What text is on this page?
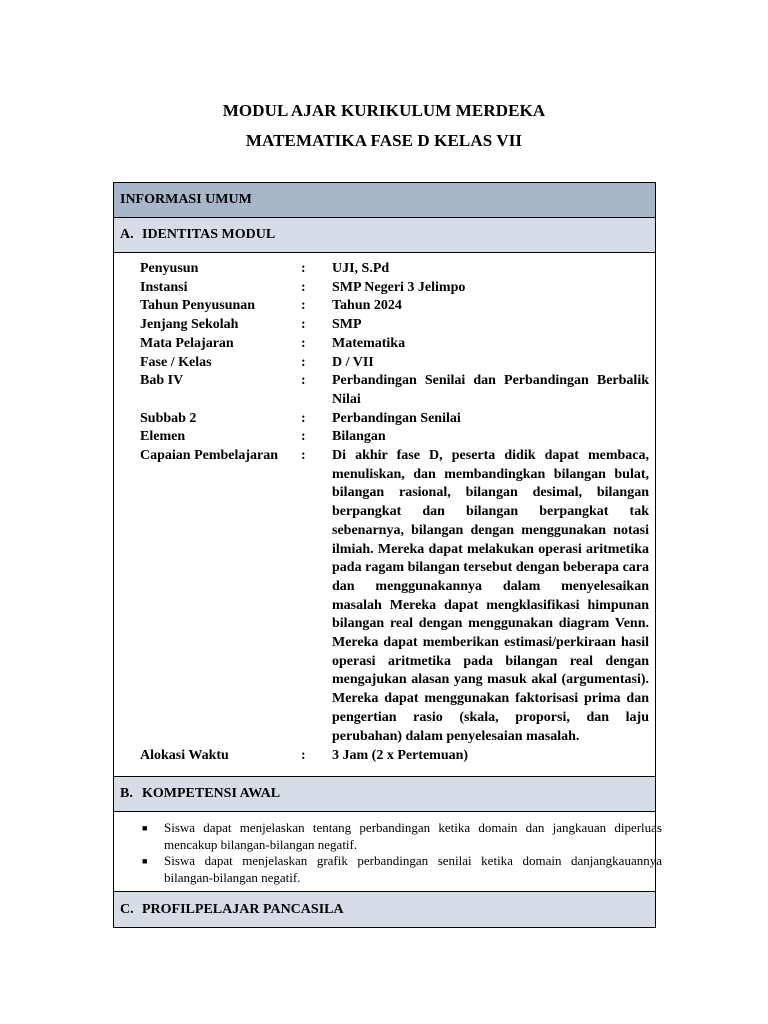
MODUL AJAR KURIKULUM MERDEKA
MATEMATIKA FASE D KELAS VII
INFORMASI UMUM
A. IDENTITAS MODUL
Penyusun	: UJI, S.Pd
Instansi	: SMP Negeri 3 Jelimpo
Tahun Penyusunan	: Tahun 2024
Jenjang Sekolah	: SMP
Mata Pelajaran	: Matematika
Fase / Kelas	: D / VII
Bab IV	: Perbandingan Senilai dan Perbandingan Berbalik Nilai
Subbab 2	: Perbandingan Senilai
Elemen	: Bilangan
Capaian Pembelajaran : Di akhir fase D, peserta didik dapat membaca, menuliskan, dan membandingkan bilangan bulat, bilangan rasional, bilangan desimal, bilangan berpangkat dan bilangan berpangkat tak sebenarnya, bilangan dengan menggunakan notasi ilmiah. Mereka dapat melakukan operasi aritmetika pada ragam bilangan tersebut dengan beberapa cara dan menggunakannya dalam menyelesaikan masalah Mereka dapat mengklasifikasi himpunan bilangan real dengan menggunakan diagram Venn. Mereka dapat memberikan estimasi/perkiraan hasil operasi aritmetika pada bilangan real dengan mengajukan alasan yang masuk akal (argumentasi). Mereka dapat menggunakan faktorisasi prima dan pengertian rasio (skala, proporsi, dan laju perubahan) dalam penyelesaian masalah.
Alokasi Waktu	: 3 Jam (2 x Pertemuan)
B. KOMPETENSI AWAL
■ Siswa dapat menjelaskan tentang perbandingan ketika domain dan jangkauan diperluas mencakup bilangan-bilangan negatif.
■ Siswa dapat menjelaskan grafik perbandingan senilai ketika domain danjangkauannya bilangan-bilangan negatif.
C. PROFILPELAJAR PANCASILA
